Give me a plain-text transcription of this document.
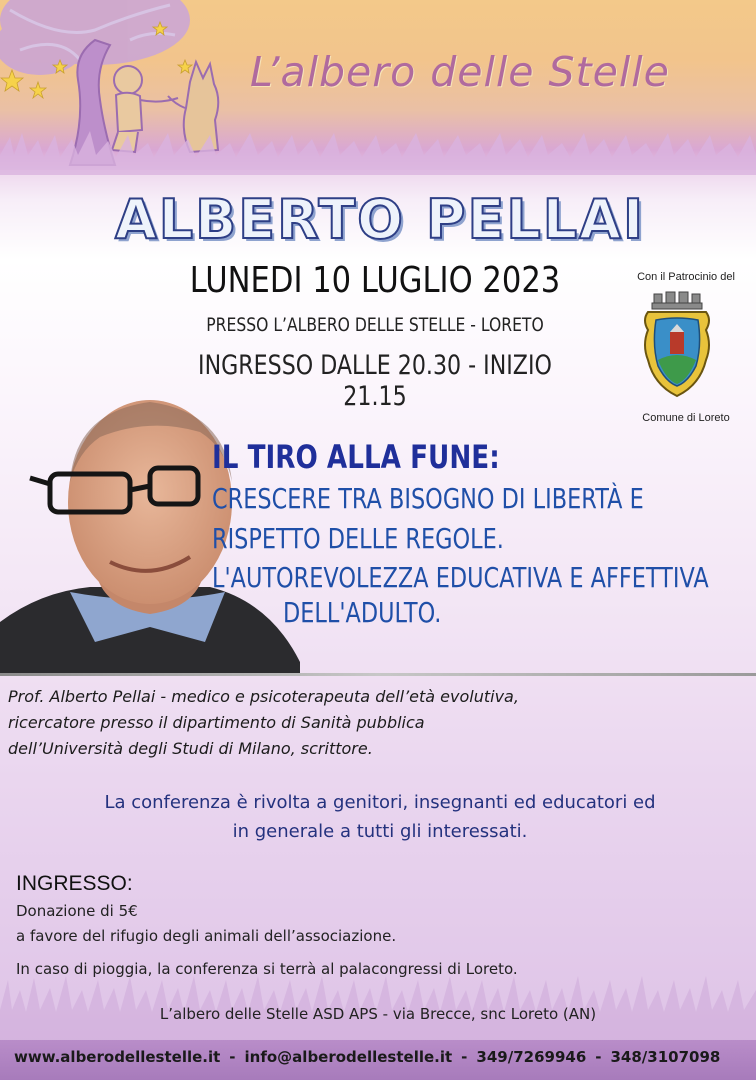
L’albero delle Stelle
ALBERTO PELLAI
LUNEDI 10 LUGLIO 2023
PRESSO L’ALBERO DELLE STELLE - LORETO
INGRESSO DALLE 20.30 - INIZIO 21.15
Con il Patrocinio del
Comune di Loreto
IL TIRO ALLA FUNE:
CRESCERE TRA BISOGNO DI LIBERTÀ E
RISPETTO DELLE REGOLE.
L'AUTOREVOLEZZA EDUCATIVA E AFFETTIVA
DELL'ADULTO.
Prof. Alberto Pellai - medico e psicoterapeuta dell’età evolutiva,
ricercatore presso il dipartimento di Sanità pubblica
dell’Università degli Studi di Milano, scrittore.
La conferenza è rivolta a genitori, insegnanti ed educatori ed
in generale a tutti gli interessati.
INGRESSO:
Donazione di 5€
a favore del rifugio degli animali dell’associazione.
In caso di pioggia, la conferenza si terrà al palacongressi di Loreto.
L’albero delle Stelle ASD APS - via Brecce, snc Loreto (AN)
www.alberodellestelle.it - info@alberodellestelle.it - 349/7269946 - 348/3107098
